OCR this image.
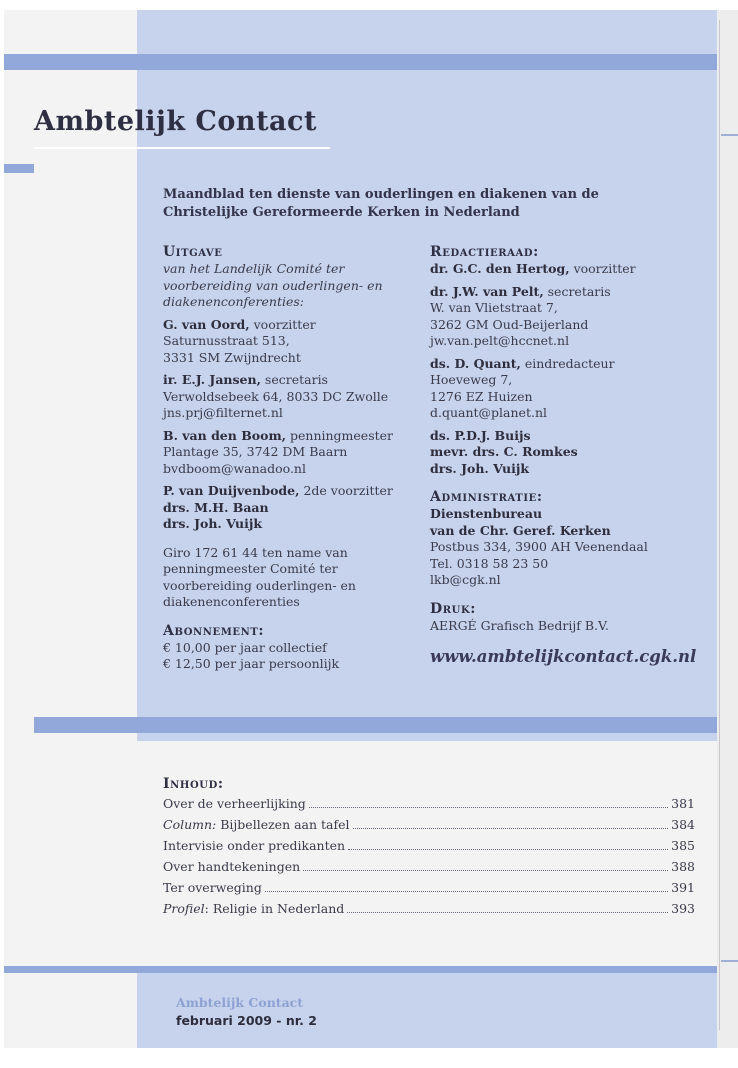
Ambtelijk Contact
Maandblad ten dienste van ouderlingen en diakenen van de Christelijke Gereformeerde Kerken in Nederland
Uitgave
van het Landelijk Comité ter voorbereiding van ouderlingen- en diakenenconferenties:
G. van Oord, voorzitter
Saturnusstraat 513,
3331 SM Zwijndrecht
ir. E.J. Jansen, secretaris
Verwoldsebeek 64, 8033 DC Zwolle
jns.prj@filternet.nl
B. van den Boom, penningmeester
Plantage 35, 3742 DM Baarn
bvdboom@wanadoo.nl
P. van Duijvenbode, 2de voorzitter
drs. M.H. Baan
drs. Joh. Vuijk
Giro 172 61 44 ten name van
penningmeester Comité ter
voorbereiding ouderlingen- en
diakenenconferenties
Abonnement:
€ 10,00 per jaar collectief
€ 12,50 per jaar persoonlijk
Redactieraad:
dr. G.C. den Hertog, voorzitter
dr. J.W. van Pelt, secretaris
W. van Vlietstraat 7,
3262 GM Oud-Beijerland
jw.van.pelt@hccnet.nl
ds. D. Quant, eindredacteur
Hoeveweg 7,
1276 EZ Huizen
d.quant@planet.nl
ds. P.D.J. Buijs
mevr. drs. C. Romkes
drs. Joh. Vuijk
Administratie:
Dienstenbureau
van de Chr. Geref. Kerken
Postbus 334, 3900 AH Veenendaal
Tel. 0318 58 23 50
lkb@cgk.nl
Druk:
AERGÉ Grafisch Bedrijf B.V.
www.ambtelijkcontact.cgk.nl
Inhoud:
Over de verheerlijking	381
Column: Bijbellezen aan tafel	384
Intervisie onder predikanten	385
Over handtekeningen	388
Ter overweging	391
Profiel: Religie in Nederland	393
Ambtelijk Contact
februari 2009 - nr. 2
